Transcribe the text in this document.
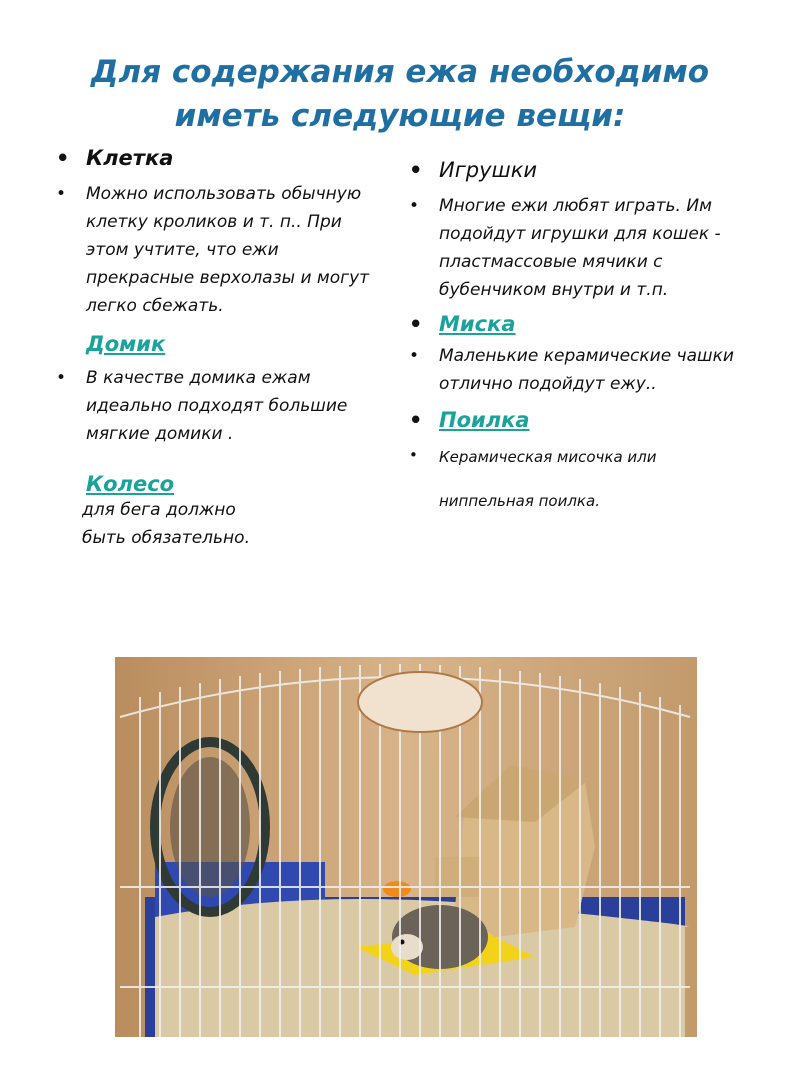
Для содержания ежа необходимо
иметь следующие вещи:
• Клетка
• Можно использовать обычную клетку кроликов и т. п.. При этом учтите, что ежи прекрасные верхолазы и могут легко сбежать.
Домик
• В качестве домика ежам идеально подходят большие мягкие домики .
Колесо
для бега должно
быть обязательно.
• Игрушки
• Многие ежи любят играть. Им подойдут игрушки для кошек - пластмассовые мячики с бубенчиком внутри и т.п.
• Миска
• Маленькие керамические чашки отлично подойдут ежу..
• Поилка
• Керамическая мисочка или
ниппельная поилка.
